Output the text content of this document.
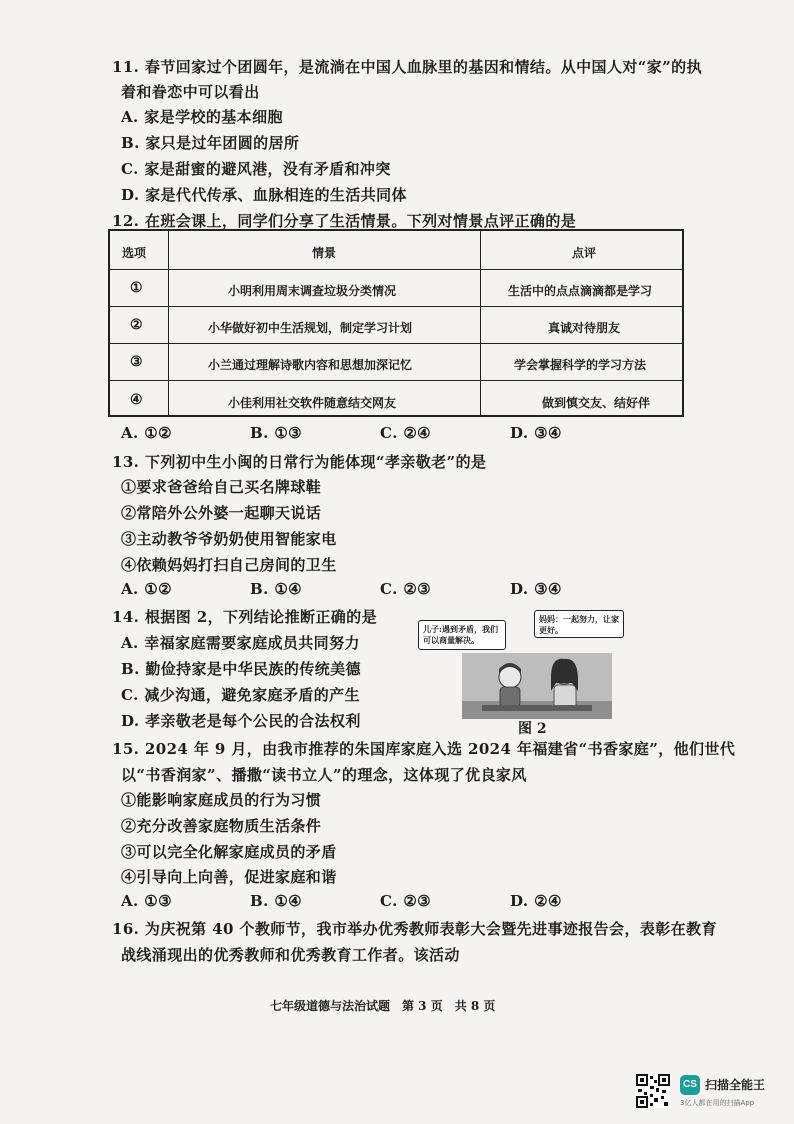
11. 春节回家过个团圆年，是流淌在中国人血脉里的基因和情结。从中国人对“家”的执
着和眷恋中可以看出
A. 家是学校的基本细胞
B. 家只是过年团圆的居所
C. 家是甜蜜的避风港，没有矛盾和冲突
D. 家是代代传承、血脉相连的生活共同体
12. 在班会课上，同学们分享了生活情景。下列对情景点评正确的是
选项	情景	点评
①	小明利用周末调查垃圾分类情况	生活中的点点滴滴都是学习
②	小华做好初中生活规划，制定学习计划	真诚对待朋友
③	小兰通过理解诗歌内容和思想加深记忆	学会掌握科学的学习方法
④	小佳利用社交软件随意结交网友	做到慎交友、结好伴
A. ①②	B. ①③	C. ②④	D. ③④
13. 下列初中生小闽的日常行为能体现“孝亲敬老”的是
①要求爸爸给自己买名牌球鞋
②常陪外公外婆一起聊天说话
③主动教爷爷奶奶使用智能家电
④依赖妈妈打扫自己房间的卫生
A. ①②	B. ①④	C. ②③	D. ③④
14. 根据图 2，下列结论推断正确的是
A. 幸福家庭需要家庭成员共同努力
B. 勤俭持家是中华民族的传统美德
C. 减少沟通，避免家庭矛盾的产生
D. 孝亲敬老是每个公民的合法权利
儿子:遇到矛盾，我们可以商量解决。
妈妈：一起努力，让家更好。
图 2
15. 2024 年 9 月，由我市推荐的朱国库家庭入选 2024 年福建省“书香家庭”，他们世代
以“书香润家”、播撒“读书立人”的理念，这体现了优良家风
①能影响家庭成员的行为习惯
②充分改善家庭物质生活条件
③可以完全化解家庭成员的矛盾
④引导向上向善，促进家庭和谐
A. ①③	B. ①④	C. ②③	D. ②④
16. 为庆祝第 40 个教师节，我市举办优秀教师表彰大会暨先进事迹报告会，表彰在教育
战线涌现出的优秀教师和优秀教育工作者。该活动
七年级道德与法治试题　第 3 页　共 8 页
CS 扫描全能王
3亿人都在用的扫描App
